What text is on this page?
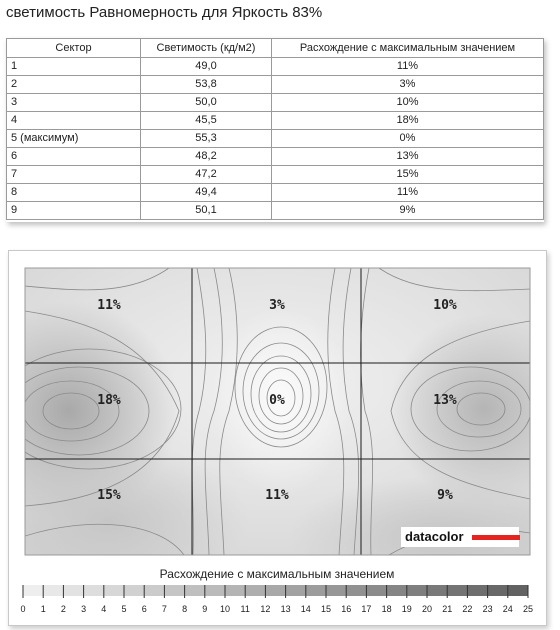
светимость Равномерность для Яркость 83%
Сектор	Светимость (кд/м2)	Расхождение с максимальным значением
1	49,0	11%
2	53,8	3%
3	50,0	10%
4	45,5	18%
5 (максимум)	55,3	0%
6	48,2	13%
7	47,2	15%
8	49,4	11%
9	50,1	9%
11%	3%	10%
18%	0%	13%
15%	11%	9%
datacolor
Расхождение с максимальным значением
0 1 2 3 4 5 6 7 8 9 10 11 12 13 14 15 16 17 18 19 20 21 22 23 24 25
